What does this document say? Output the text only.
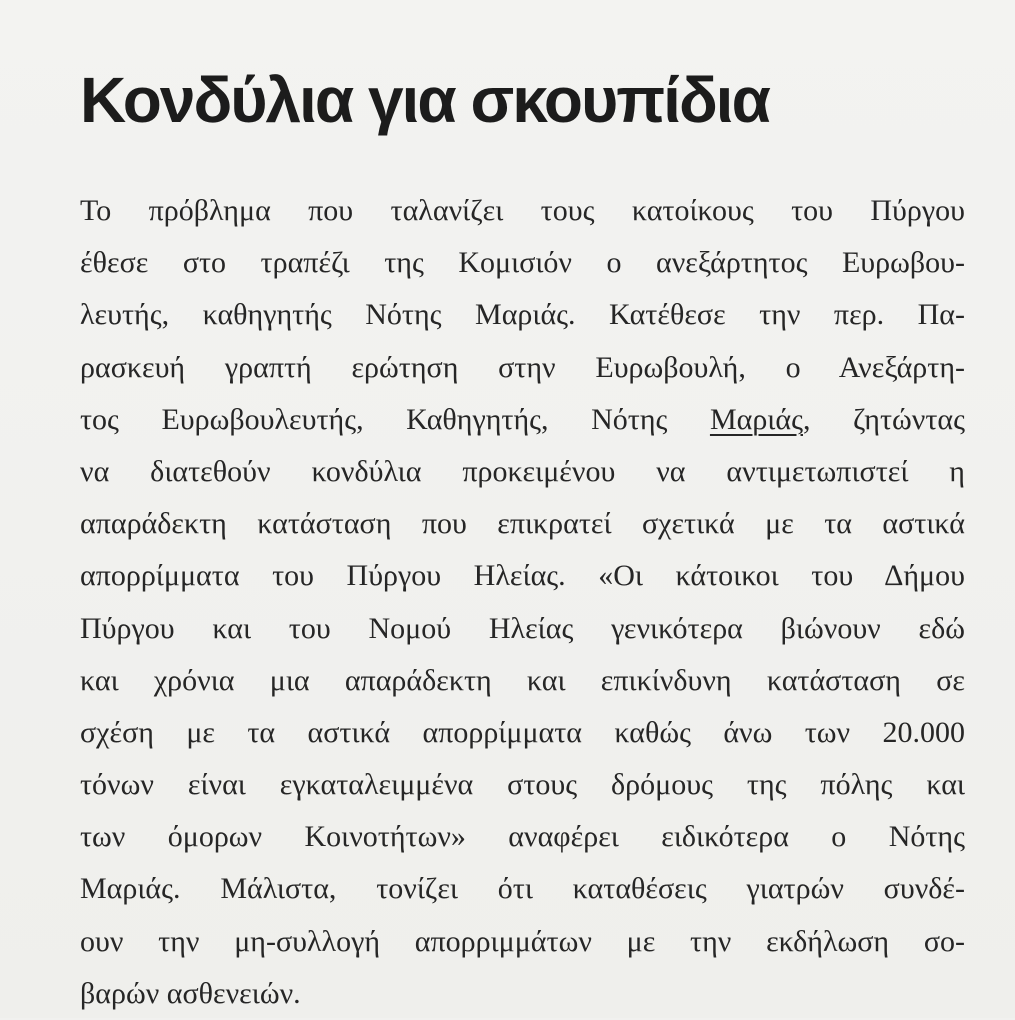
Κονδύλια για σκουπίδια
Το πρόβλημα που ταλανίζει τους κατοίκους του Πύργου
έθεσε στο τραπέζι της Κομισιόν ο ανεξάρτητος Ευρωβου-
λευτής, καθηγητής Νότης Μαριάς. Κατέθεσε την περ. Πα-
ρασκευή γραπτή ερώτηση στην Ευρωβουλή, ο Ανεξάρτη-
τος Ευρωβουλευτής, Καθηγητής, Νότης Μαριάς, ζητώντας
να διατεθούν κονδύλια προκειμένου να αντιμετωπιστεί η
απαράδεκτη κατάσταση που επικρατεί σχετικά με τα αστικά
απορρίμματα του Πύργου Ηλείας. «Οι κάτοικοι του Δήμου
Πύργου και του Νομού Ηλείας γενικότερα βιώνουν εδώ
και χρόνια μια απαράδεκτη και επικίνδυνη κατάσταση σε
σχέση με τα αστικά απορρίμματα καθώς άνω των 20.000
τόνων είναι εγκαταλειμμένα στους δρόμους της πόλης και
των όμορων Κοινοτήτων» αναφέρει ειδικότερα ο Νότης
Μαριάς. Μάλιστα, τονίζει ότι καταθέσεις γιατρών συνδέ-
ουν την μη-συλλογή απορριμμάτων με την εκδήλωση σο-
βαρών ασθενειών.
